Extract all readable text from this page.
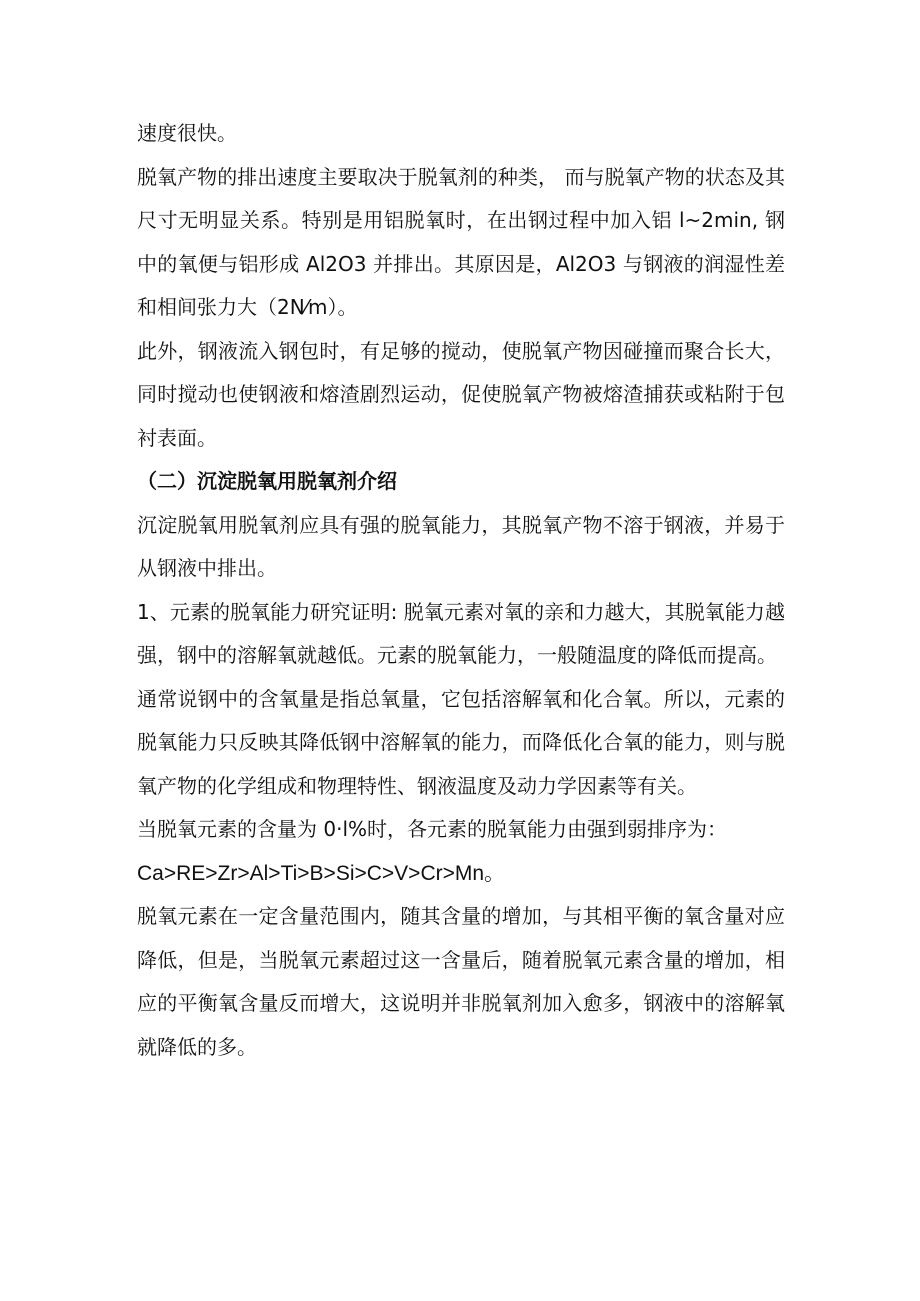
速度很快。

脱氧产物的排出速度主要取决于脱氧剂的种类， 而与脱氧产物的状态及其尺寸无明显关系。特别是用铝脱氧时，在出钢过程中加入铝 l~2min, 钢中的氧便与铝形成 Al2O3 并排出。其原因是，Al2O3 与钢液的润湿性差和相间张力大（2N⁄m）。

此外，钢液流入钢包时，有足够的搅动，使脱氧产物因碰撞而聚合长大，同时搅动也使钢液和熔渣剧烈运动，促使脱氧产物被熔渣捕获或粘附于包衬表面。

（二）沉淀脱氧用脱氧剂介绍

沉淀脱氧用脱氧剂应具有强的脱氧能力，其脱氧产物不溶于钢液，并易于从钢液中排出。

1、元素的脱氧能力研究证明: 脱氧元素对氧的亲和力越大，其脱氧能力越强，钢中的溶解氧就越低。元素的脱氧能力，一般随温度的降低而提高。

通常说钢中的含氧量是指总氧量，它包括溶解氧和化合氧。所以，元素的脱氧能力只反映其降低钢中溶解氧的能力，而降低化合氧的能力，则与脱氧产物的化学组成和物理特性、钢液温度及动力学因素等有关。

当脱氧元素的含量为 0·l%时，各元素的脱氧能力由强到弱排序为：

Ca>RE>Zr>Al>Ti>B>Si>C>V>Cr>Mn。

脱氧元素在一定含量范围内，随其含量的增加，与其相平衡的氧含量对应降低，但是，当脱氧元素超过这一含量后，随着脱氧元素含量的增加，相应的平衡氧含量反而增大，这说明并非脱氧剂加入愈多，钢液中的溶解氧就降低的多。
